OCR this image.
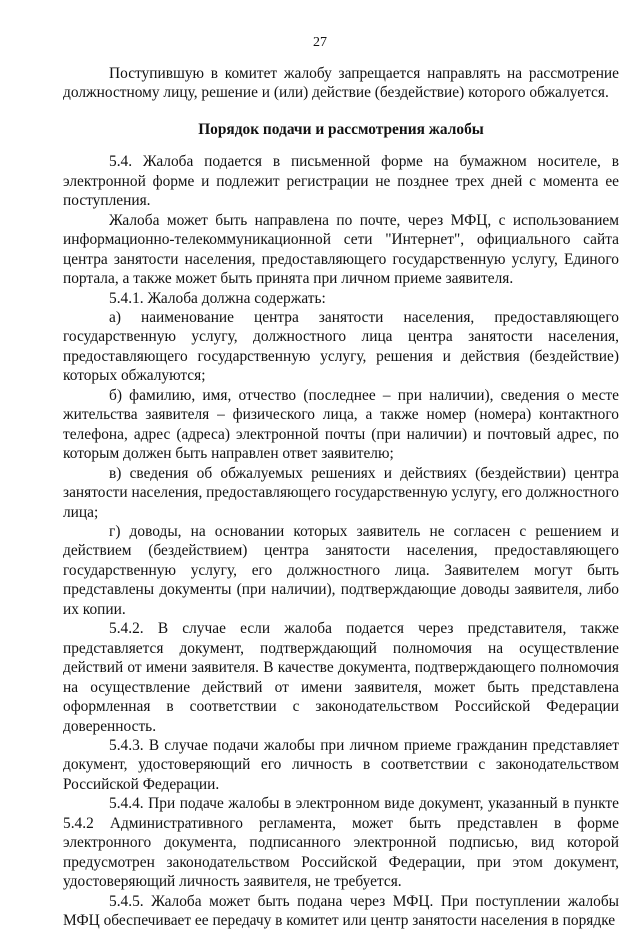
27

Поступившую в комитет жалобу запрещается направлять на рассмотрение должностному лицу, решение и (или) действие (бездействие) которого обжалуется.

Порядок подачи и рассмотрения жалобы

5.4. Жалоба подается в письменной форме на бумажном носителе, в электронной форме и подлежит регистрации не позднее трех дней с момента ее поступления.

Жалоба может быть направлена по почте, через МФЦ, с использованием информационно-телекоммуникационной сети "Интернет", официального сайта центра занятости населения, предоставляющего государственную услугу, Единого портала, а также может быть принята при личном приеме заявителя.

5.4.1. Жалоба должна содержать:

а) наименование центра занятости населения, предоставляющего государственную услугу, должностного лица центра занятости населения, предоставляющего государственную услугу, решения и действия (бездействие) которых обжалуются;

б) фамилию, имя, отчество (последнее – при наличии), сведения о месте жительства заявителя – физического лица, а также номер (номера) контактного телефона, адрес (адреса) электронной почты (при наличии) и почтовый адрес, по которым должен быть направлен ответ заявителю;

в) сведения об обжалуемых решениях и действиях (бездействии) центра занятости населения, предоставляющего государственную услугу, его должностного лица;

г) доводы, на основании которых заявитель не согласен с решением и действием (бездействием) центра занятости населения, предоставляющего государственную услугу, его должностного лица. Заявителем могут быть представлены документы (при наличии), подтверждающие доводы заявителя, либо их копии.

5.4.2. В случае если жалоба подается через представителя, также представляется документ, подтверждающий полномочия на осуществление действий от имени заявителя. В качестве документа, подтверждающего полномочия на осуществление действий от имени заявителя, может быть представлена оформленная в соответствии с законодательством Российской Федерации доверенность.

5.4.3. В случае подачи жалобы при личном приеме гражданин представляет документ, удостоверяющий его личность в соответствии с законодательством Российской Федерации.

5.4.4. При подаче жалобы в электронном виде документ, указанный в пункте 5.4.2 Административного регламента, может быть представлен в форме электронного документа, подписанного электронной подписью, вид которой предусмотрен законодательством Российской Федерации, при этом документ, удостоверяющий личность заявителя, не требуется.

5.4.5. Жалоба может быть подана через МФЦ. При поступлении жалобы МФЦ обеспечивает ее передачу в комитет или центр занятости населения в порядке
